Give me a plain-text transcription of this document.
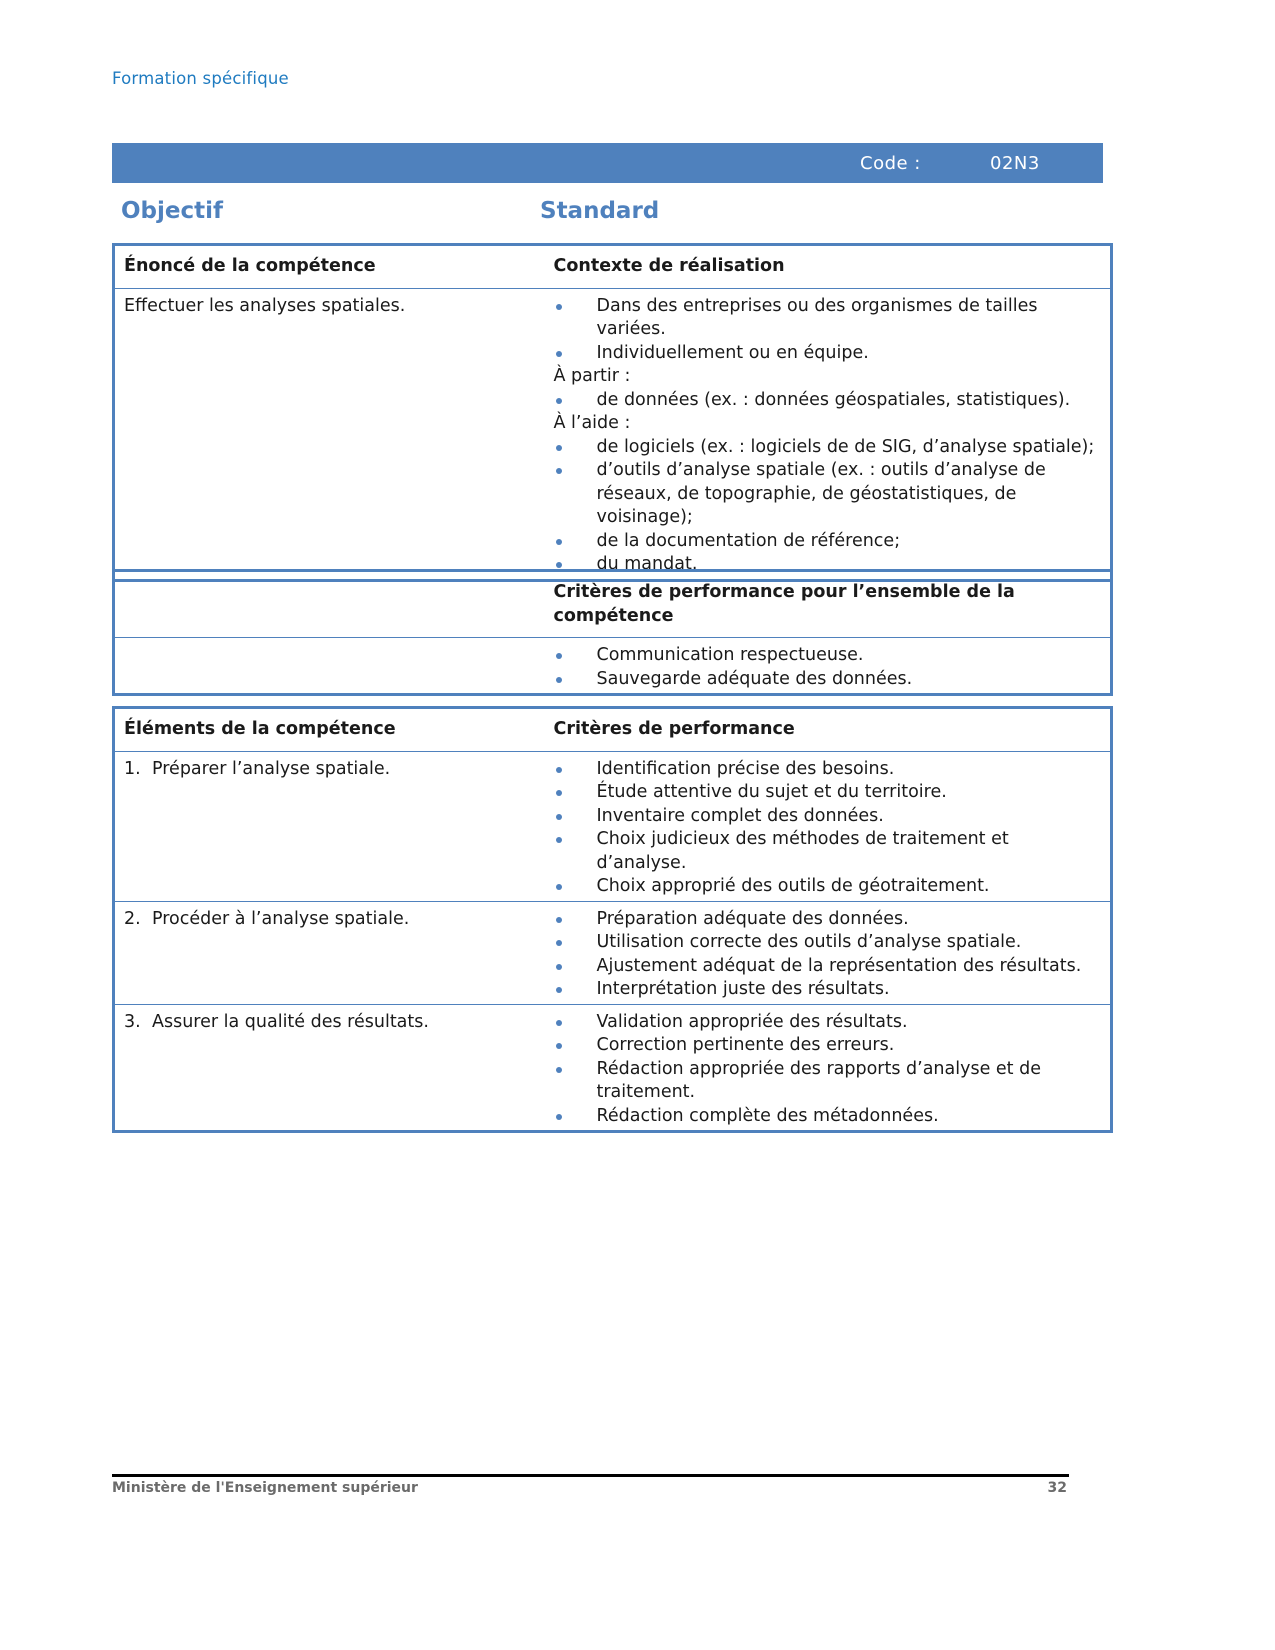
Formation spécifique
Code :	02N3
Objectif	Standard
Énoncé de la compétence	Contexte de réalisation
Effectuer les analyses spatiales.	Dans des entreprises ou des organismes de tailles variées.
Individuellement ou en équipe.
À partir :
de données (ex. : données géospatiales, statistiques).
À l’aide :
de logiciels (ex. : logiciels de de SIG, d’analyse spatiale);
d’outils d’analyse spatiale (ex. : outils d’analyse de réseaux, de topographie, de géostatistiques, de voisinage);
de la documentation de référence;
du mandat.
	Critères de performance pour l’ensemble de la compétence

Communication respectueuse.
Sauvegarde adéquate des données.
Éléments de la compétence	Critères de performance
1. Préparer l’analyse spatiale.	Identification précise des besoins.
Étude attentive du sujet et du territoire.
Inventaire complet des données.
Choix judicieux des méthodes de traitement et d’analyse.
Choix approprié des outils de géotraitement.

2. Procéder à l’analyse spatiale.	Préparation adéquate des données.
Utilisation correcte des outils d’analyse spatiale.
Ajustement adéquat de la représentation des résultats.
Interprétation juste des résultats.

3. Assurer la qualité des résultats.	Validation appropriée des résultats.
Correction pertinente des erreurs.
Rédaction appropriée des rapports d’analyse et de traitement.
Rédaction complète des métadonnées.
Ministère de l'Enseignement supérieur	32
